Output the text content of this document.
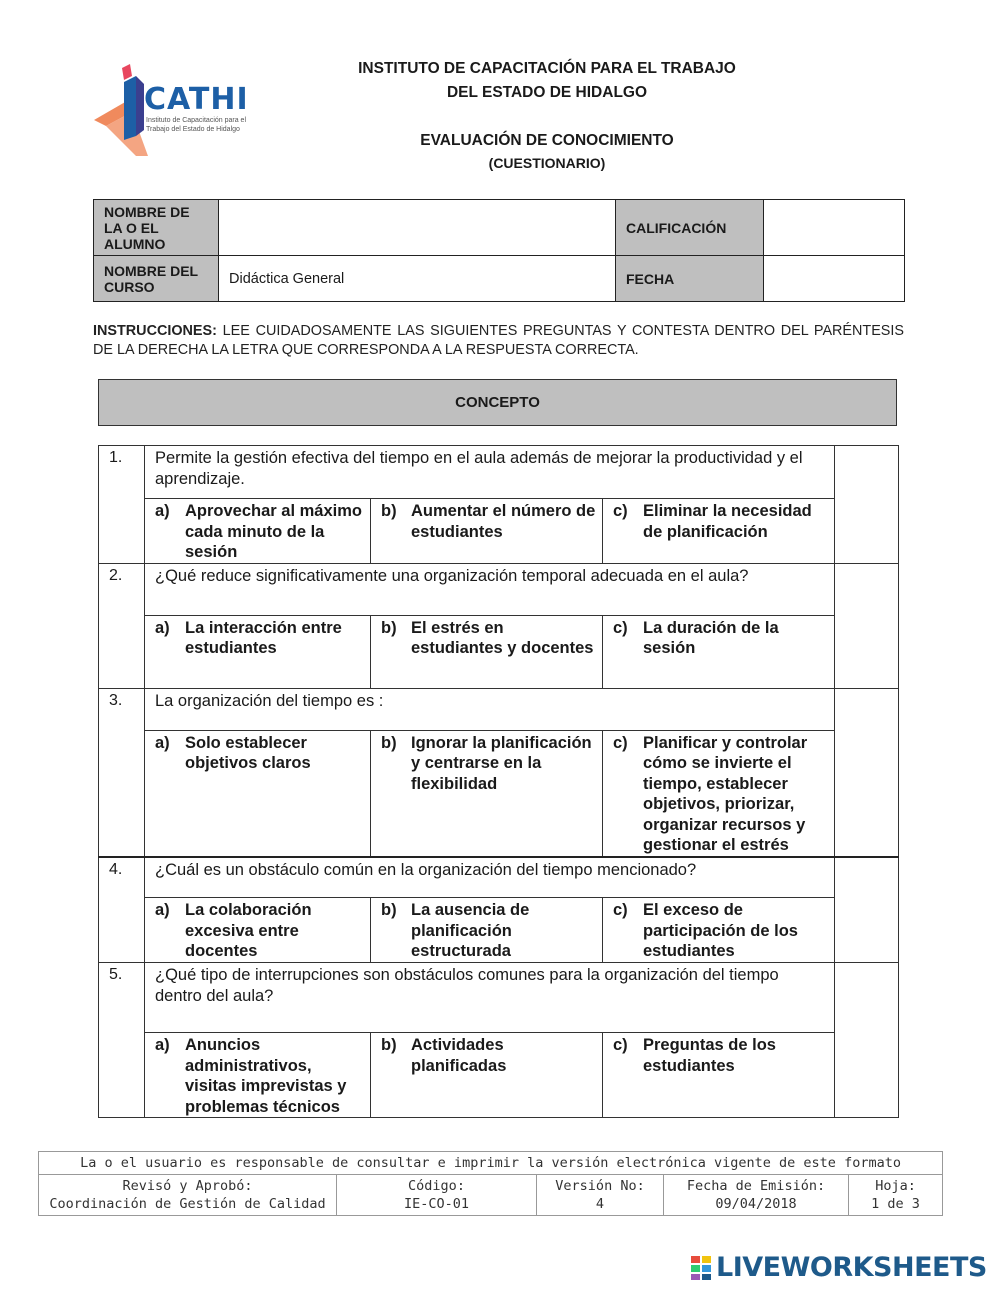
CATHI
Instituto de Capacitación para el
Trabajo del Estado de Hidalgo
INSTITUTO DE CAPACITACIÓN PARA EL TRABAJO
DEL ESTADO DE HIDALGO
EVALUACIÓN DE CONOCIMIENTO
(CUESTIONARIO)
NOMBRE DE LA O EL ALUMNO		CALIFICACIÓN	
NOMBRE DEL CURSO	Didáctica General	FECHA	
INSTRUCCIONES: LEE CUIDADOSAMENTE LAS SIGUIENTES PREGUNTAS Y CONTESTA DENTRO DEL PARÉNTESIS DE LA DERECHA LA LETRA QUE CORRESPONDA A LA RESPUESTA CORRECTA.
CONCEPTO
1.	Permite la gestión efectiva del tiempo en el aula además de mejorar la productividad y el aprendizaje.			

	a) Aprovechar al máximo cada minuto de la sesión	b) Aumentar el número de estudiantes	c) Eliminar la necesidad de planificación	

2.	¿Qué reduce significativamente una organización temporal adecuada en el aula?			

	a) La interacción entre estudiantes	b) El estrés en estudiantes y docentes	c) La duración de la sesión	

3.	La organización del tiempo es :			

	a) Solo establecer objetivos claros	b) Ignorar la planificación y centrarse en la flexibilidad	c) Planificar y controlar cómo se invierte el tiempo, establecer objetivos, priorizar, organizar recursos y gestionar el estrés	

4.	¿Cuál es un obstáculo común en la organización del tiempo mencionado?			

	a) La colaboración excesiva entre docentes	b) La ausencia de planificación estructurada	c) El exceso de participación de los estudiantes	

5.	¿Qué tipo de interrupciones son obstáculos comunes para la organización del tiempo dentro del aula?			

	a) Anuncios administrativos, visitas imprevistas y problemas técnicos	b) Actividades planificadas	c) Preguntas de los estudiantes	
La o el usuario es responsable de consultar e imprimir la versión electrónica vigente de este formato

Revisó y Aprobó:
Coordinación de Gestión de Calidad

Código:
IE-CO-01

Versión No:
4

Fecha de Emisión:
09/04/2018

Hoja:
1 de 3
LIVEWORKSHEETS
